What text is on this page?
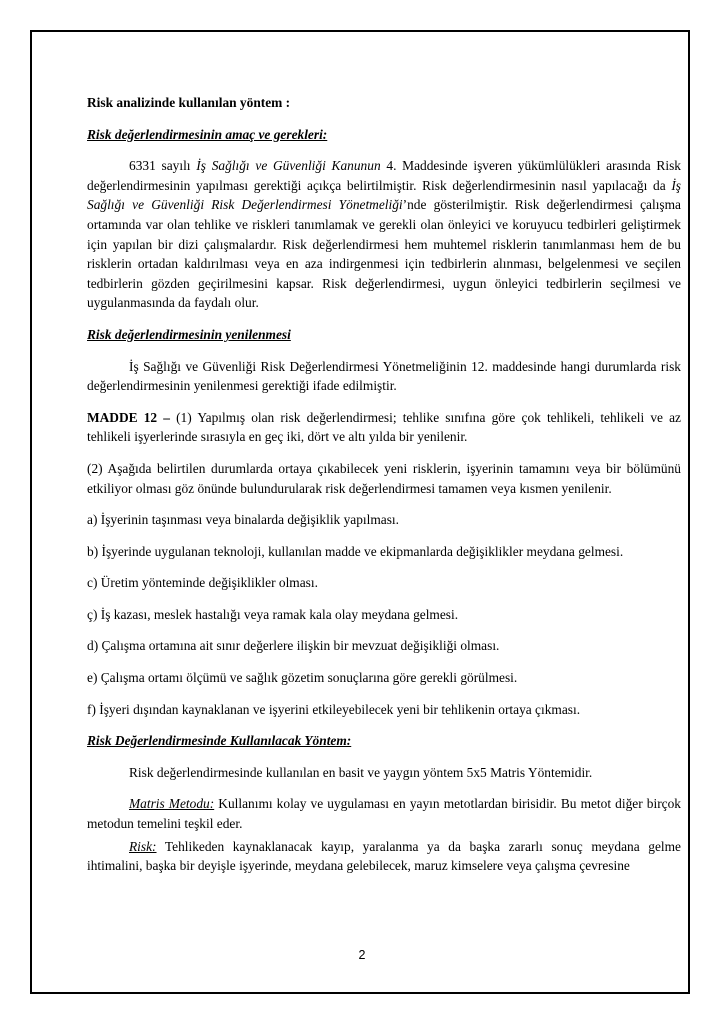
Risk analizinde kullanılan yöntem :

Risk değerlendirmesinin amaç ve gerekleri:

6331 sayılı İş Sağlığı ve Güvenliği Kanunun 4. Maddesinde işveren yükümlülükleri arasında Risk değerlendirmesinin yapılması gerektiği açıkça belirtilmiştir. Risk değerlendirmesinin nasıl yapılacağı da İş Sağlığı ve Güvenliği Risk Değerlendirmesi Yönetmeliği’nde gösterilmiştir. Risk değerlendirmesi çalışma ortamında var olan tehlike ve riskleri tanımlamak ve gerekli olan önleyici ve koruyucu tedbirleri geliştirmek için yapılan bir dizi çalışmalardır. Risk değerlendirmesi hem muhtemel risklerin tanımlanması hem de bu risklerin ortadan kaldırılması veya en aza indirgenmesi için tedbirlerin alınması, belgelenmesi ve seçilen tedbirlerin gözden geçirilmesini kapsar. Risk değerlendirmesi, uygun önleyici tedbirlerin seçilmesi ve uygulanmasında da faydalı olur.

Risk değerlendirmesinin yenilenmesi

İş Sağlığı ve Güvenliği Risk Değerlendirmesi Yönetmeliğinin 12. maddesinde hangi durumlarda risk değerlendirmesinin yenilenmesi gerektiği ifade edilmiştir.

MADDE 12 – (1) Yapılmış olan risk değerlendirmesi; tehlike sınıfına göre çok tehlikeli, tehlikeli ve az tehlikeli işyerlerinde sırasıyla en geç iki, dört ve altı yılda bir yenilenir.

(2) Aşağıda belirtilen durumlarda ortaya çıkabilecek yeni risklerin, işyerinin tamamını veya bir bölümünü etkiliyor olması göz önünde bulundurularak risk değerlendirmesi tamamen veya kısmen yenilenir.

a) İşyerinin taşınması veya binalarda değişiklik yapılması.

b) İşyerinde uygulanan teknoloji, kullanılan madde ve ekipmanlarda değişiklikler meydana gelmesi.

c) Üretim yönteminde değişiklikler olması.

ç) İş kazası, meslek hastalığı veya ramak kala olay meydana gelmesi.

d) Çalışma ortamına ait sınır değerlere ilişkin bir mevzuat değişikliği olması.

e) Çalışma ortamı ölçümü ve sağlık gözetim sonuçlarına göre gerekli görülmesi.

f) İşyeri dışından kaynaklanan ve işyerini etkileyebilecek yeni bir tehlikenin ortaya çıkması.

Risk Değerlendirmesinde Kullanılacak Yöntem:

Risk değerlendirmesinde kullanılan en basit ve yaygın yöntem 5x5 Matris Yöntemidir.

Matris Metodu: Kullanımı kolay ve uygulaması en yayın metotlardan birisidir. Bu metot diğer birçok metodun temelini teşkil eder.

Risk: Tehlikeden kaynaklanacak kayıp, yaralanma ya da başka zararlı sonuç meydana gelme ihtimalini, başka bir deyişle işyerinde, meydana gelebilecek, maruz kimselere veya çalışma çevresine

2
